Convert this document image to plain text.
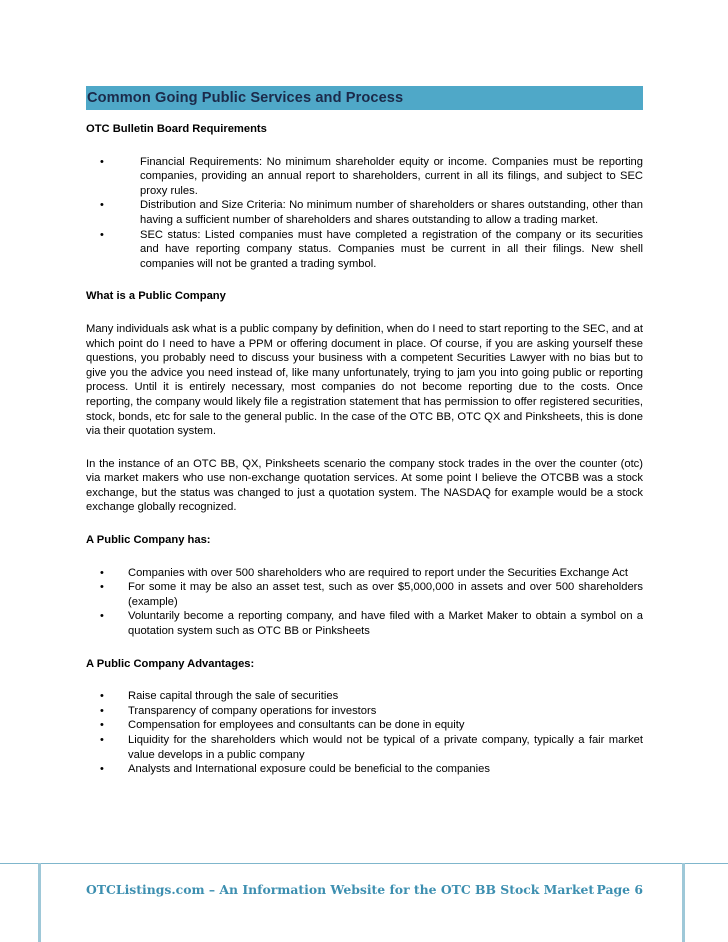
Common Going Public Services and Process
OTC Bulletin Board Requirements
•	Financial Requirements: No minimum shareholder equity or income. Companies must be reporting companies, providing an annual report to shareholders, current in all its filings, and subject to SEC proxy rules.
•	Distribution and Size Criteria: No minimum number of shareholders or shares outstanding, other than having a sufficient number of shareholders and shares outstanding to allow a trading market.
•	SEC status: Listed companies must have completed a registration of the company or its securities and have reporting company status. Companies must be current in all their filings. New shell companies will not be granted a trading symbol.
What is a Public Company

Many individuals ask what is a public company by definition, when do I need to start reporting to the SEC, and at which point do I need to have a PPM or offering document in place. Of course, if you are asking yourself these questions, you probably need to discuss your business with a competent Securities Lawyer with no bias but to give you the advice you need instead of, like many unfortunately, trying to jam you into going public or reporting process. Until it is entirely necessary, most companies do not become reporting due to the costs. Once reporting, the company would likely file a registration statement that has permission to offer registered securities, stock, bonds, etc for sale to the general public. In the case of the OTC BB, OTC QX and Pinksheets, this is done via their quotation system.

In the instance of an OTC BB, QX, Pinksheets scenario the company stock trades in the over the counter (otc) via market makers who use non-exchange quotation services. At some point I believe the OTCBB was a stock exchange, but the status was changed to just a quotation system. The NASDAQ for example would be a stock exchange globally recognized.

A Public Company has:
• Companies with over 500 shareholders who are required to report under the Securities Exchange Act
• For some it may be also an asset test, such as over $5,000,000 in assets and over 500 shareholders (example)
• Voluntarily become a reporting company, and have filed with a Market Maker to obtain a symbol on a quotation system such as OTC BB or Pinksheets
A Public Company Advantages:
• Raise capital through the sale of securities
• Transparency of company operations for investors
• Compensation for employees and consultants can be done in equity
• Liquidity for the shareholders which would not be typical of a private company, typically a fair market value develops in a public company
• Analysts and International exposure could be beneficial to the companies
OTCListings.com – An Information Website for the OTC BB Stock Market Page 6
